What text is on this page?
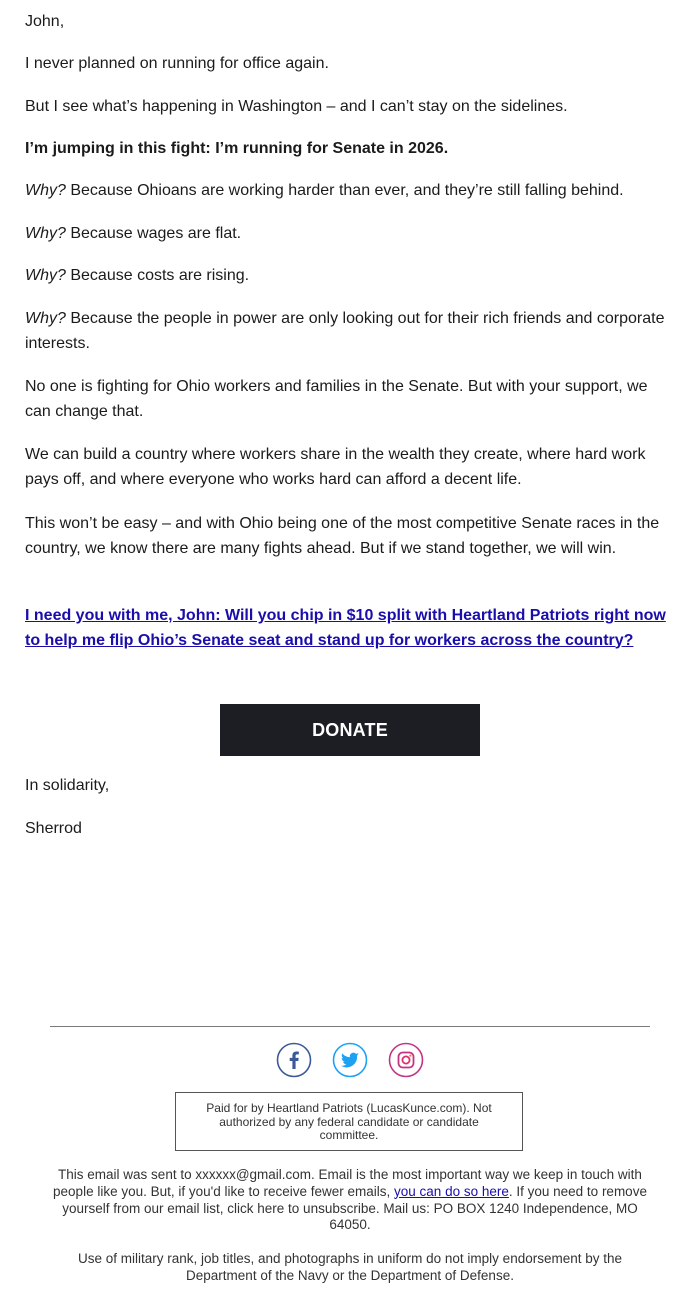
John,

I never planned on running for office again.

But I see what’s happening in Washington – and I can’t stay on the sidelines.

I’m jumping in this fight: I’m running for Senate in 2026.

Why? Because Ohioans are working harder than ever, and they’re still falling behind.

Why? Because wages are flat.

Why? Because costs are rising.

Why? Because the people in power are only looking out for their rich friends and corporate interests.

No one is fighting for Ohio workers and families in the Senate. But with your support, we can change that.

We can build a country where workers share in the wealth they create, where hard work pays off, and where everyone who works hard can afford a decent life.

This won’t be easy – and with Ohio being one of the most competitive Senate races in the country, we know there are many fights ahead. But if we stand together, we will win.

I need you with me, John: Will you chip in $10 split with Heartland Patriots right now to help me flip Ohio’s Senate seat and stand up for workers across the country?

In solidarity,

Sherrod

DONATE
Paid for by Heartland Patriots (LucasKunce.com). Not authorized by any federal candidate or candidate committee.
This email was sent to xxxxxx@gmail.com. Email is the most important way we keep in touch with people like you. But, if you'd like to receive fewer emails, you can do so here. If you need to remove yourself from our email list, click here to unsubscribe. Mail us: PO BOX 1240 Independence, MO 64050.
Use of military rank, job titles, and photographs in uniform do not imply endorsement by the Department of the Navy or the Department of Defense.
